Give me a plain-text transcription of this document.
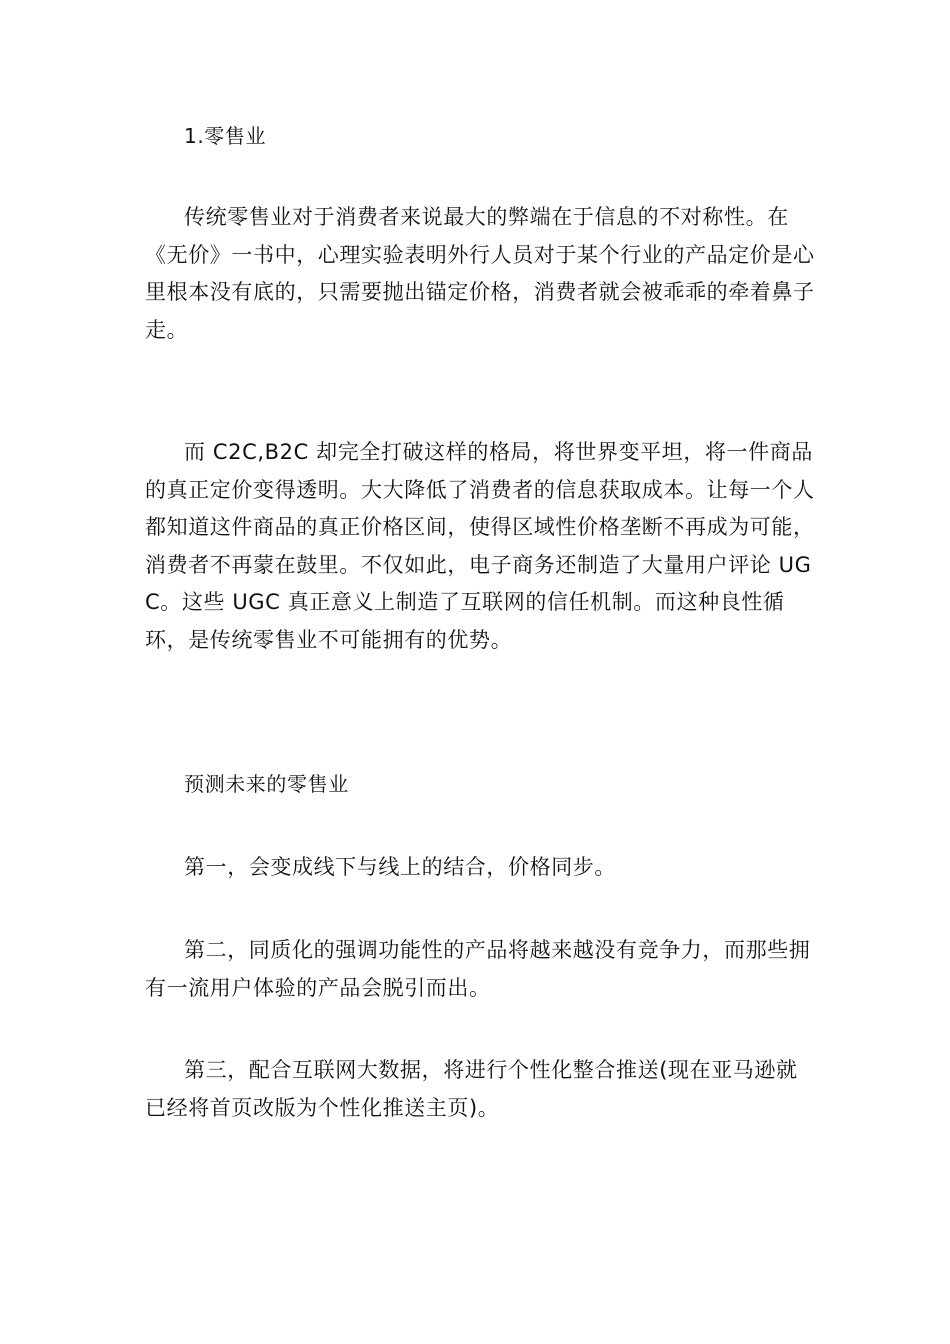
1.零售业

传统零售业对于消费者来说最大的弊端在于信息的不对称性。在《无价》一书中，心理实验表明外行人员对于某个行业的产品定价是心里根本没有底的，只需要抛出锚定价格，消费者就会被乖乖的牵着鼻子走。

而 C2C,B2C 却完全打破这样的格局，将世界变平坦，将一件商品的真正定价变得透明。大大降低了消费者的信息获取成本。让每一个人都知道这件商品的真正价格区间，使得区域性价格垄断不再成为可能，消费者不再蒙在鼓里。不仅如此，电子商务还制造了大量用户评论 UGC。这些 UGC 真正意义上制造了互联网的信任机制。而这种良性循环，是传统零售业不可能拥有的优势。

预测未来的零售业

第一，会变成线下与线上的结合，价格同步。

第二，同质化的强调功能性的产品将越来越没有竞争力，而那些拥有一流用户体验的产品会脱引而出。

第三，配合互联网大数据，将进行个性化整合推送(现在亚马逊就已经将首页改版为个性化推送主页)。
